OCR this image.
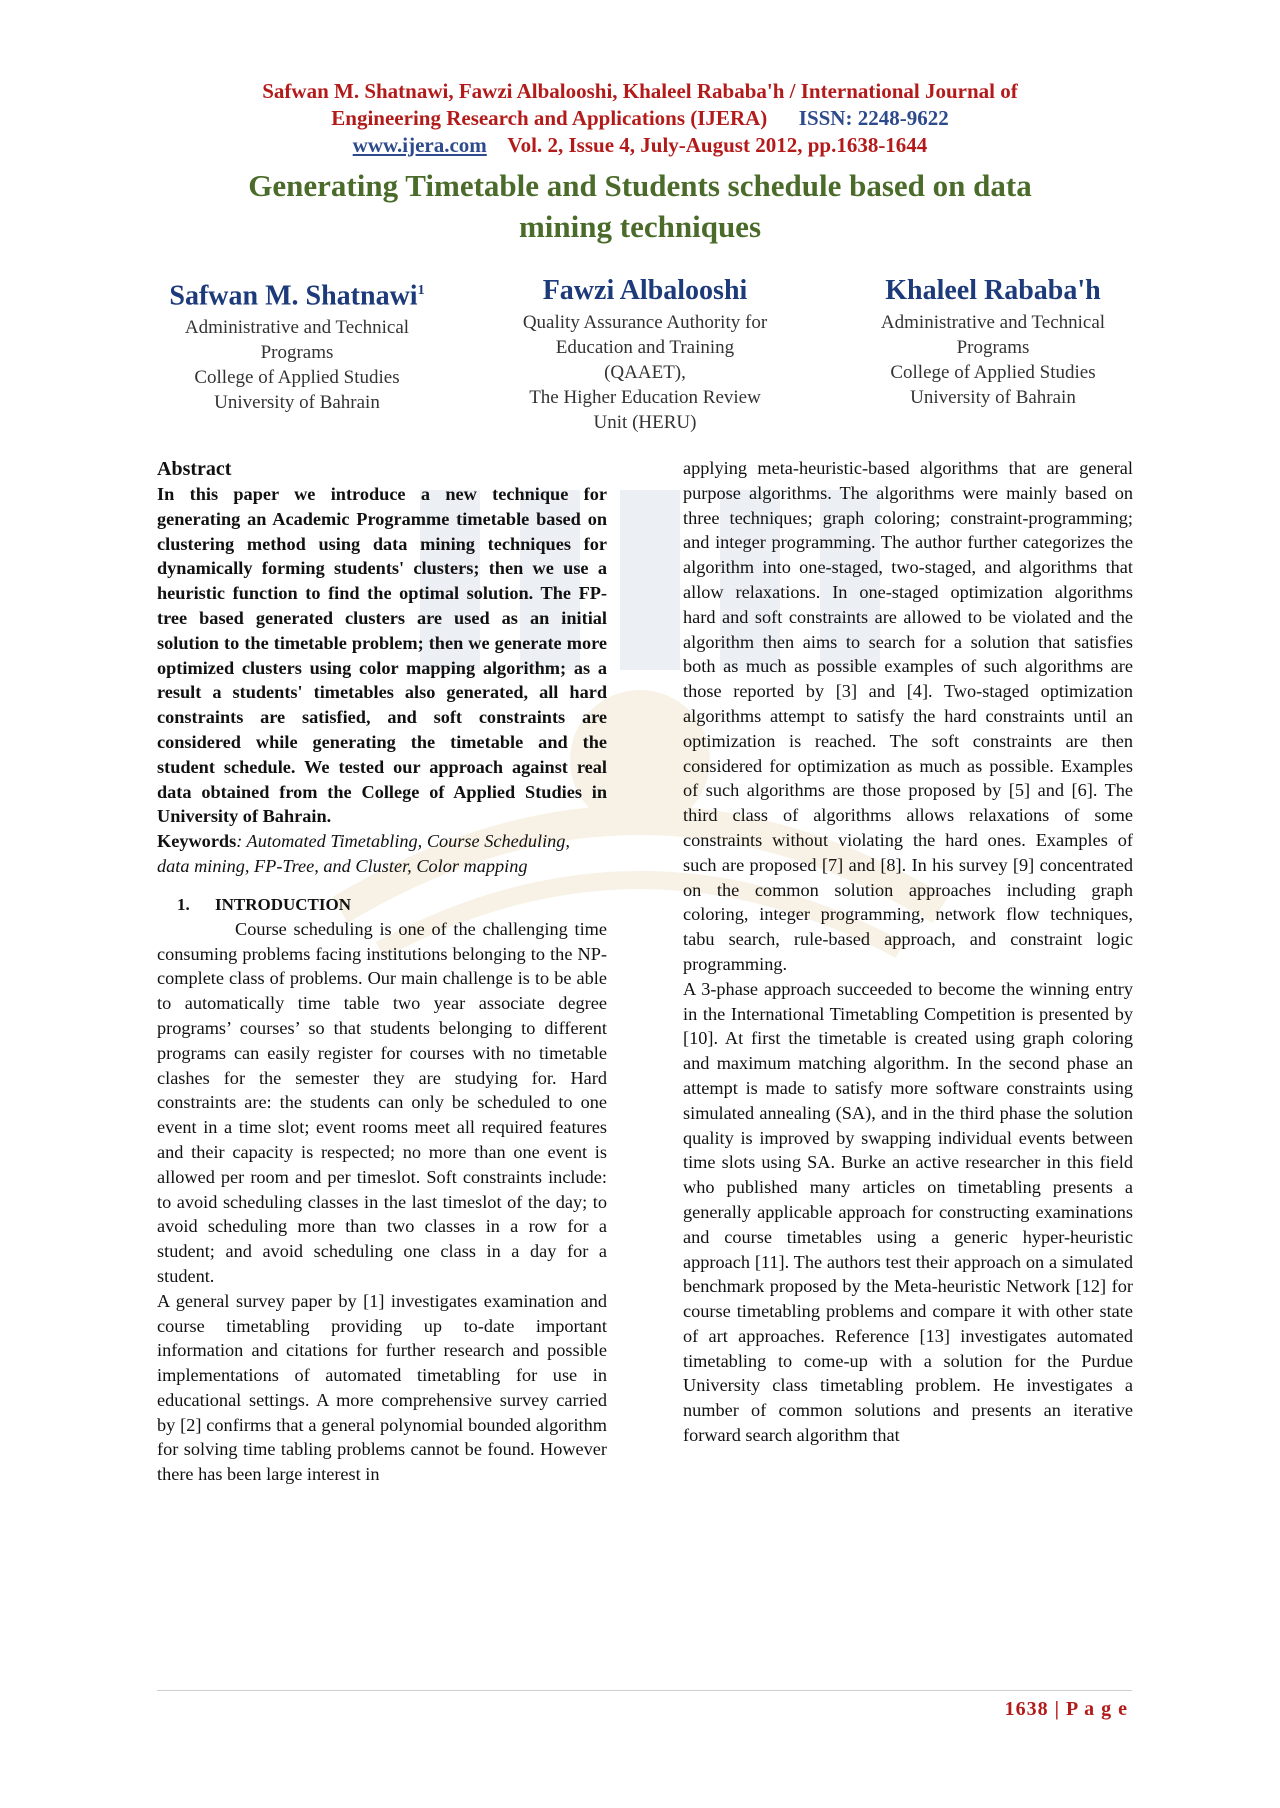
Safwan M. Shatnawi, Fawzi Albalooshi, Khaleel Rababa'h / International Journal of
Engineering Research and Applications (IJERA) ISSN: 2248-9622
www.ijera.com Vol. 2, Issue 4, July-August 2012, pp.1638-1644
Generating Timetable and Students schedule based on data
mining techniques
Safwan M. Shatnawi$^1$
Administrative and Technical
Programs
College of Applied Studies
University of Bahrain
Fawzi Albalooshi
Quality Assurance Authority for
Education and Training
(QAAET),
The Higher Education Review
Unit (HERU)
Khaleel Rababa'h
Administrative and Technical
Programs
College of Applied Studies
University of Bahrain
Abstract

In this paper we introduce a new technique for generating an Academic Programme timetable based on clustering method using data mining techniques for dynamically forming students' clusters; then we use a heuristic function to find the optimal solution. The FP-tree based generated clusters are used as an initial solution to the timetable problem; then we generate more optimized clusters using color mapping algorithm; as a result a students' timetables also generated, all hard constraints are satisfied, and soft constraints are considered while generating the timetable and the student schedule. We tested our approach against real data obtained from the College of Applied Studies in University of Bahrain.

Keywords: Automated Timetabling, Course Scheduling, data mining, FP-Tree, and Cluster, Color mapping

1. INTRODUCTION

Course scheduling is one of the challenging time consuming problems facing institutions belonging to the NP-complete class of problems. Our main challenge is to be able to automatically time table two year associate degree programs’ courses’ so that students belonging to different programs can easily register for courses with no timetable clashes for the semester they are studying for. Hard constraints are: the students can only be scheduled to one event in a time slot; event rooms meet all required features and their capacity is respected; no more than one event is allowed per room and per timeslot. Soft constraints include: to avoid scheduling classes in the last timeslot of the day; to avoid scheduling more than two classes in a row for a student; and avoid scheduling one class in a day for a student.

A general survey paper by [1] investigates examination and course timetabling providing up to-date important information and citations for further research and possible implementations of automated timetabling for use in educational settings. A more comprehensive survey carried by [2] confirms that a general polynomial bounded algorithm for solving time tabling problems cannot be found. However there has been large interest in

applying meta-heuristic-based algorithms that are general purpose algorithms. The algorithms were mainly based on three techniques; graph coloring; constraint-programming; and integer programming. The author further categorizes the algorithm into one-staged, two-staged, and algorithms that allow relaxations. In one-staged optimization algorithms hard and soft constraints are allowed to be violated and the algorithm then aims to search for a solution that satisfies both as much as possible examples of such algorithms are those reported by [3] and [4]. Two-staged optimization algorithms attempt to satisfy the hard constraints until an optimization is reached. The soft constraints are then considered for optimization as much as possible. Examples of such algorithms are those proposed by [5] and [6]. The third class of algorithms allows relaxations of some constraints without violating the hard ones. Examples of such are proposed [7] and [8]. In his survey [9] concentrated on the common solution approaches including graph coloring, integer programming, network flow techniques, tabu search, rule-based approach, and constraint logic programming.

A 3-phase approach succeeded to become the winning entry in the International Timetabling Competition is presented by [10]. At first the timetable is created using graph coloring and maximum matching algorithm. In the second phase an attempt is made to satisfy more software constraints using simulated annealing (SA), and in the third phase the solution quality is improved by swapping individual events between time slots using SA. Burke an active researcher in this field who published many articles on timetabling presents a generally applicable approach for constructing examinations and course timetables using a generic hyper-heuristic approach [11]. The authors test their approach on a simulated benchmark proposed by the Meta-heuristic Network [12] for course timetabling problems and compare it with other state of art approaches. Reference [13] investigates automated timetabling to come-up with a solution for the Purdue University class timetabling problem. He investigates a number of common solutions and presents an iterative forward search algorithm that

1638 | P a g e
